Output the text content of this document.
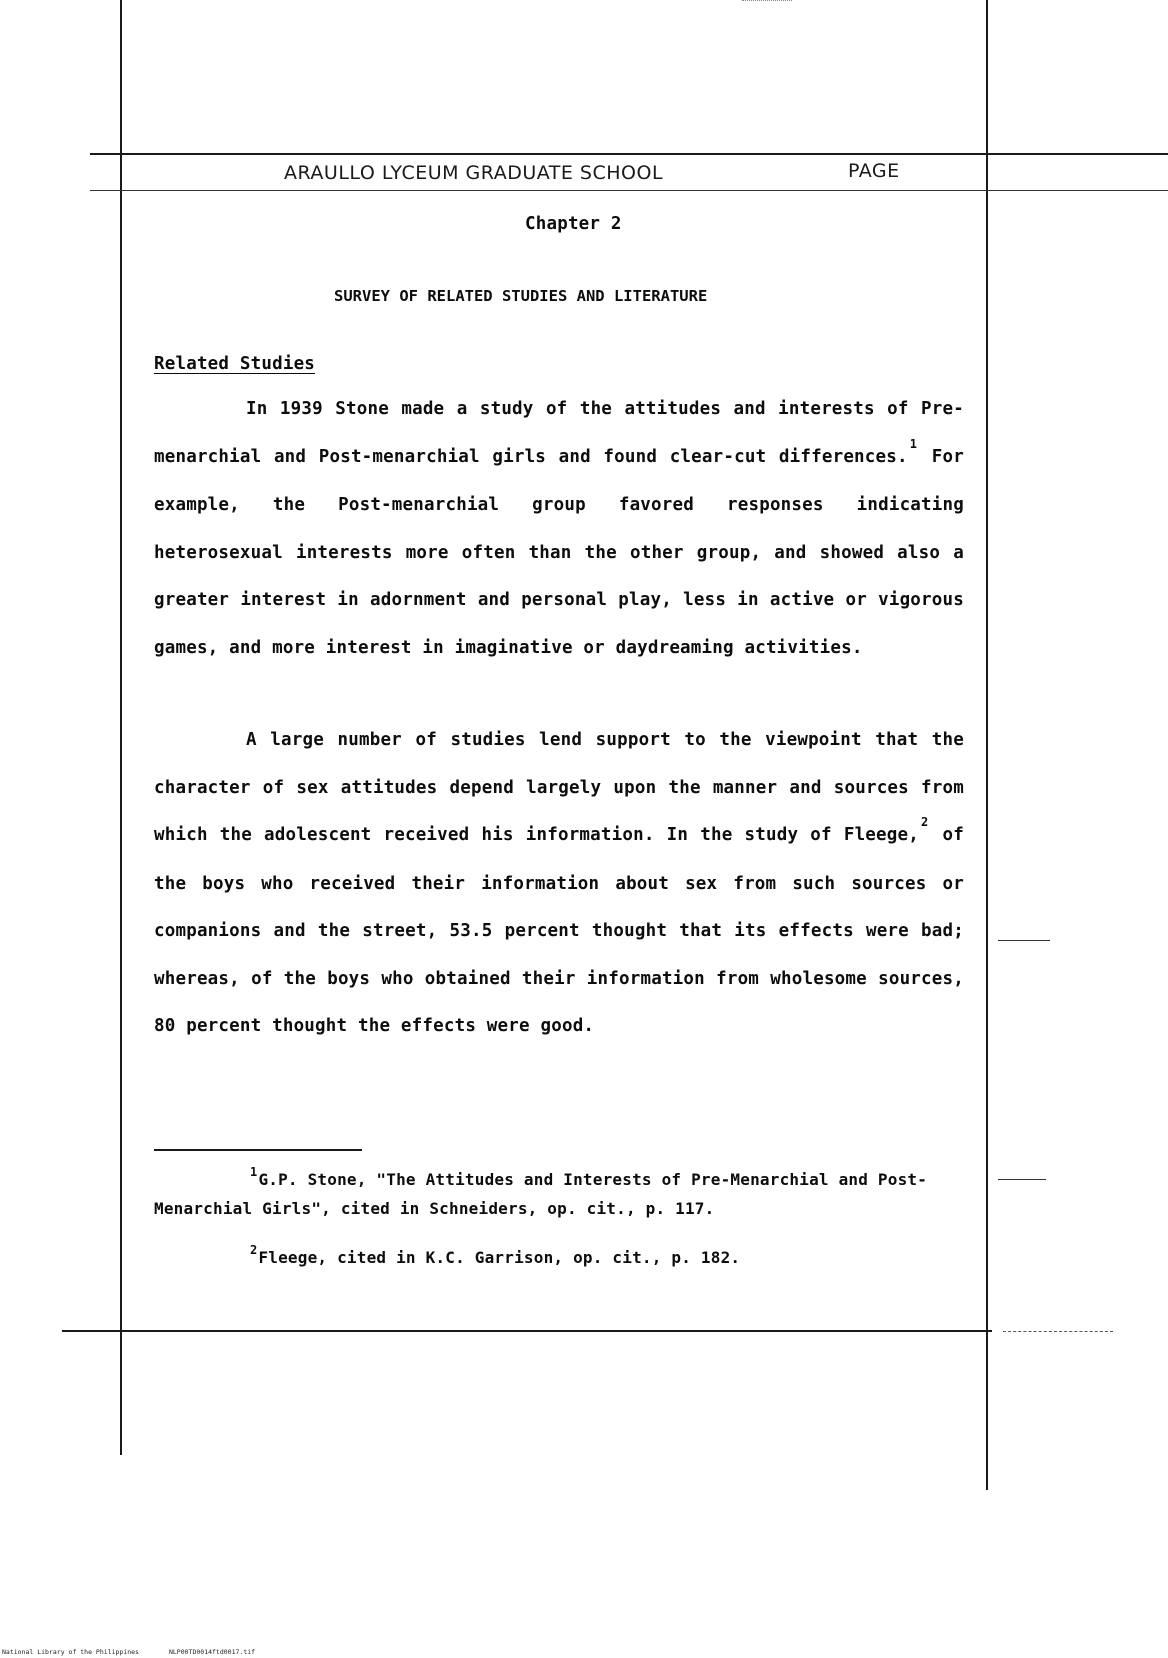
ARAULLO LYCEUM GRADUATE SCHOOL	PAGE
Chapter 2
SURVEY OF RELATED STUDIES AND LITERATURE
Related Studies

In 1939 Stone made a study of the attitudes and interests of Pre-menarchial and Post-menarchial girls and found clear-cut differences.$^1$ For example, the Post-menarchial group favored responses indicating heterosexual interests more often than the other group, and showed also a greater interest in adornment and personal play, less in active or vigorous games, and more interest in imaginative or daydreaming activities.

A large number of studies lend support to the viewpoint that the character of sex attitudes depend largely upon the manner and sources from which the adolescent received his information. In the study of Fleege,$^2$ of the boys who received their information about sex from such sources or companions and the street, 53.5 percent thought that its effects were bad; whereas, of the boys who obtained their information from wholesome sources, 80 percent thought the effects were good.

$^1$G.P. Stone, "The Attitudes and Interests of Pre-Menarchial and Post-Menarchial Girls", cited in Schneiders, op. cit., p. 117.

$^2$Fleege, cited in K.C. Garrison, op. cit., p. 182.

National Library of the Philippines	NLP00TD0014ftd0017.tif
